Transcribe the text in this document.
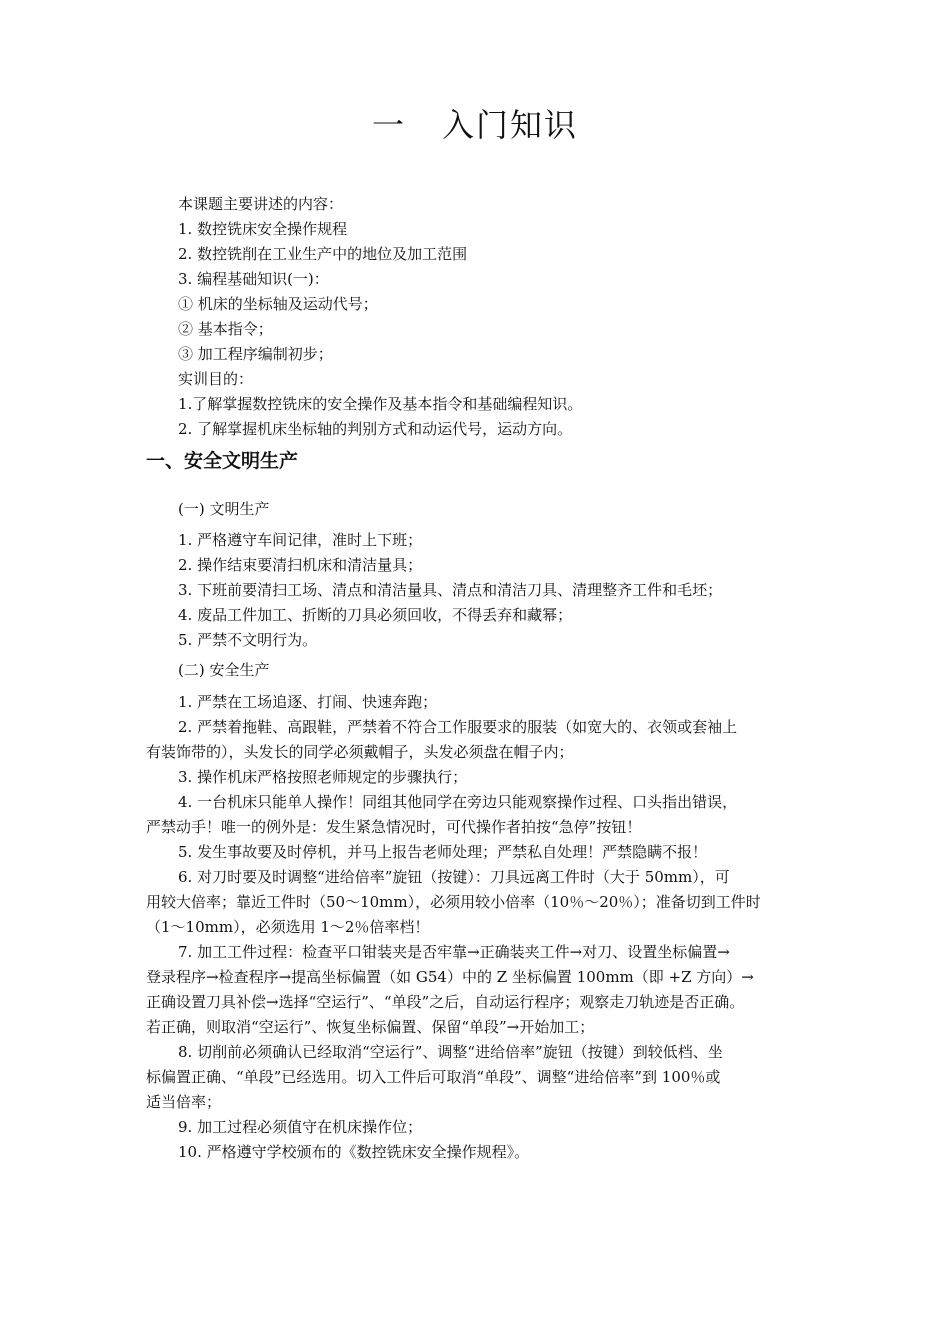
一 入门知识
本课题主要讲述的内容：
1. 数控铣床安全操作规程
2. 数控铣削在工业生产中的地位及加工范围
3. 编程基础知识(一)：
① 机床的坐标轴及运动代号；
② 基本指令；
③ 加工程序编制初步；
实训目的：
1.了解掌握数控铣床的安全操作及基本指令和基础编程知识。
2. 了解掌握机床坐标轴的判别方式和动运代号，运动方向。
一、安全文明生产
(一) 文明生产
1. 严格遵守车间记律，准时上下班；
2. 操作结束要清扫机床和清洁量具；
3. 下班前要清扫工场、清点和清洁量具、清点和清洁刀具、清理整齐工件和毛坯；
4. 废品工件加工、折断的刀具必须回收，不得丢弃和藏幂；
5. 严禁不文明行为。
(二) 安全生产
1. 严禁在工场追逐、打闹、快速奔跑；
2. 严禁着拖鞋、高跟鞋，严禁着不符合工作服要求的服装（如宽大的、衣领或套袖上
有装饰带的），头发长的同学必须戴帽子，头发必须盘在帽子内；
3. 操作机床严格按照老师规定的步骤执行；
4. 一台机床只能单人操作！同组其他同学在旁边只能观察操作过程、口头指出错误，
严禁动手！唯一的例外是：发生紧急情况时，可代操作者拍按“急停”按钮！
5. 发生事故要及时停机，并马上报告老师处理；严禁私自处理！严禁隐瞒不报！
6. 对刀时要及时调整“进给倍率”旋钮（按键）：刀具远离工件时（大于 50mm），可
用较大倍率；靠近工件时（50～10mm），必须用较小倍率（10％～20％）；准备切到工件时
（1～10mm），必须选用 1～2％倍率档！
7. 加工工件过程：检查平口钳装夹是否牢靠→正确装夹工件→对刀、设置坐标偏置→
登录程序→检查程序→提高坐标偏置（如 G54）中的 Z 坐标偏置 100mm（即 +Z 方向）→
正确设置刀具补偿→选择“空运行”、“单段”之后，自动运行程序；观察走刀轨迹是否正确。
若正确，则取消“空运行”、恢复坐标偏置、保留“单段”→开始加工；
8. 切削前必须确认已经取消“空运行”、调整“进给倍率”旋钮（按键）到较低档、坐
标偏置正确、“单段”已经选用。切入工件后可取消“单段”、调整“进给倍率”到 100％或
适当倍率；
9. 加工过程必须值守在机床操作位；
10. 严格遵守学校颁布的《数控铣床安全操作规程》。
